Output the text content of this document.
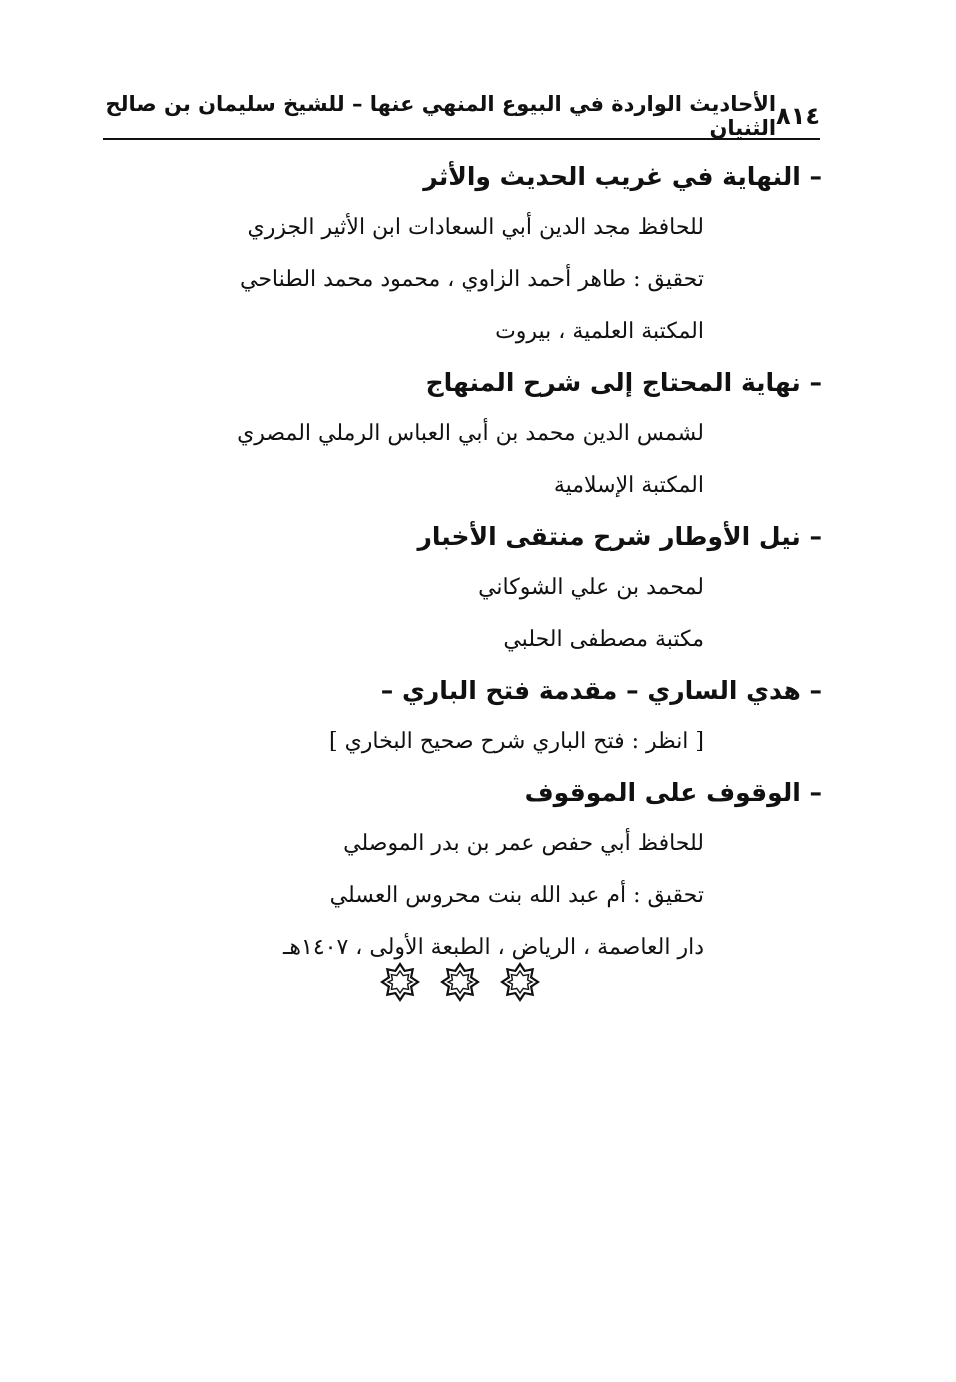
٨١٤
الأحاديث الواردة في البيوع المنهي عنها – للشيخ سليمان بن صالح الثنيان
– النهاية في غريب الحديث والأثر
للحافظ مجد الدين أبي السعادات ابن الأثير الجزري
تحقيق : طاهر أحمد الزاوي ، محمود محمد الطناحي
المكتبة العلمية ، بيروت
– نهاية المحتاج إلى شرح المنهاج
لشمس الدين محمد بن أبي العباس الرملي المصري
المكتبة الإسلامية
– نيل الأوطار شرح منتقى الأخبار
لمحمد بن علي الشوكاني
مكتبة مصطفى الحلبي
– هدي الساري – مقدمة فتح الباري –
[ انظر : فتح الباري شرح صحيح البخاري ]
– الوقوف على الموقوف
للحافظ أبي حفص عمر بن بدر الموصلي
تحقيق : أم عبد الله بنت محروس العسلي
دار العاصمة ، الرياض ، الطبعة الأولى ، ١٤٠٧هـ
